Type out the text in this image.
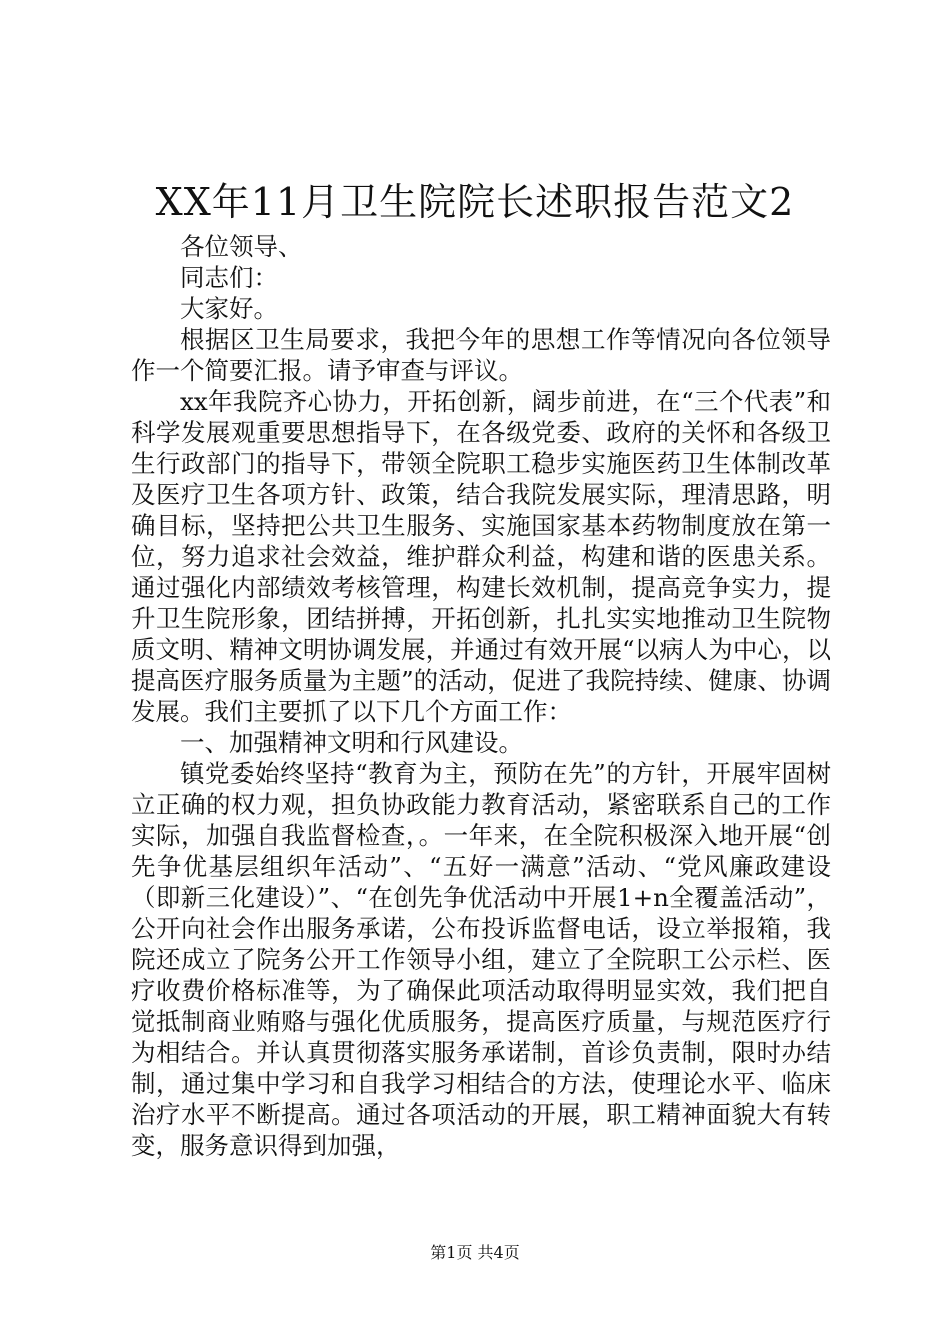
XX年11月卫生院院长述职报告范文2

各位领导、

同志们：

大家好。

根据区卫生局要求，我把今年的思想工作等情况向各位领导作一个简要汇报。请予审查与评议。

xx年我院齐心协力，开拓创新，阔步前进，在“三个代表”和科学发展观重要思想指导下，在各级党委、政府的关怀和各级卫生行政部门的指导下，带领全院职工稳步实施医药卫生体制改革及医疗卫生各项方针、政策，结合我院发展实际，理清思路，明确目标，坚持把公共卫生服务、实施国家基本药物制度放在第一位，努力追求社会效益，维护群众利益，构建和谐的医患关系。通过强化内部绩效考核管理，构建长效机制，提高竞争实力，提升卫生院形象，团结拼搏，开拓创新，扎扎实实地推动卫生院物质文明、精神文明协调发展，并通过有效开展“以病人为中心，以提高医疗服务质量为主题”的活动，促进了我院持续、健康、协调发展。我们主要抓了以下几个方面工作：

一、加强精神文明和行风建设。

镇党委始终坚持“教育为主，预防在先”的方针，开展牢固树立正确的权力观，担负协政能力教育活动，紧密联系自己的工作实际，加强自我监督检查，。一年来，在全院积极深入地开展“创先争优基层组织年活动”、“五好一满意”活动、“党风廉政建设（即新三化建设）”、“在创先争优活动中开展1+n全覆盖活动”，公开向社会作出服务承诺，公布投诉监督电话，设立举报箱，我院还成立了院务公开工作领导小组，建立了全院职工公示栏、医疗收费价格标准等，为了确保此项活动取得明显实效，我们把自觉抵制商业贿赂与强化优质服务，提高医疗质量，与规范医疗行为相结合。并认真贯彻落实服务承诺制，首诊负责制，限时办结制，通过集中学习和自我学习相结合的方法，使理论水平、临床治疗水平不断提高。通过各项活动的开展，职工精神面貌大有转变，服务意识得到加强，

第1页 共4页
